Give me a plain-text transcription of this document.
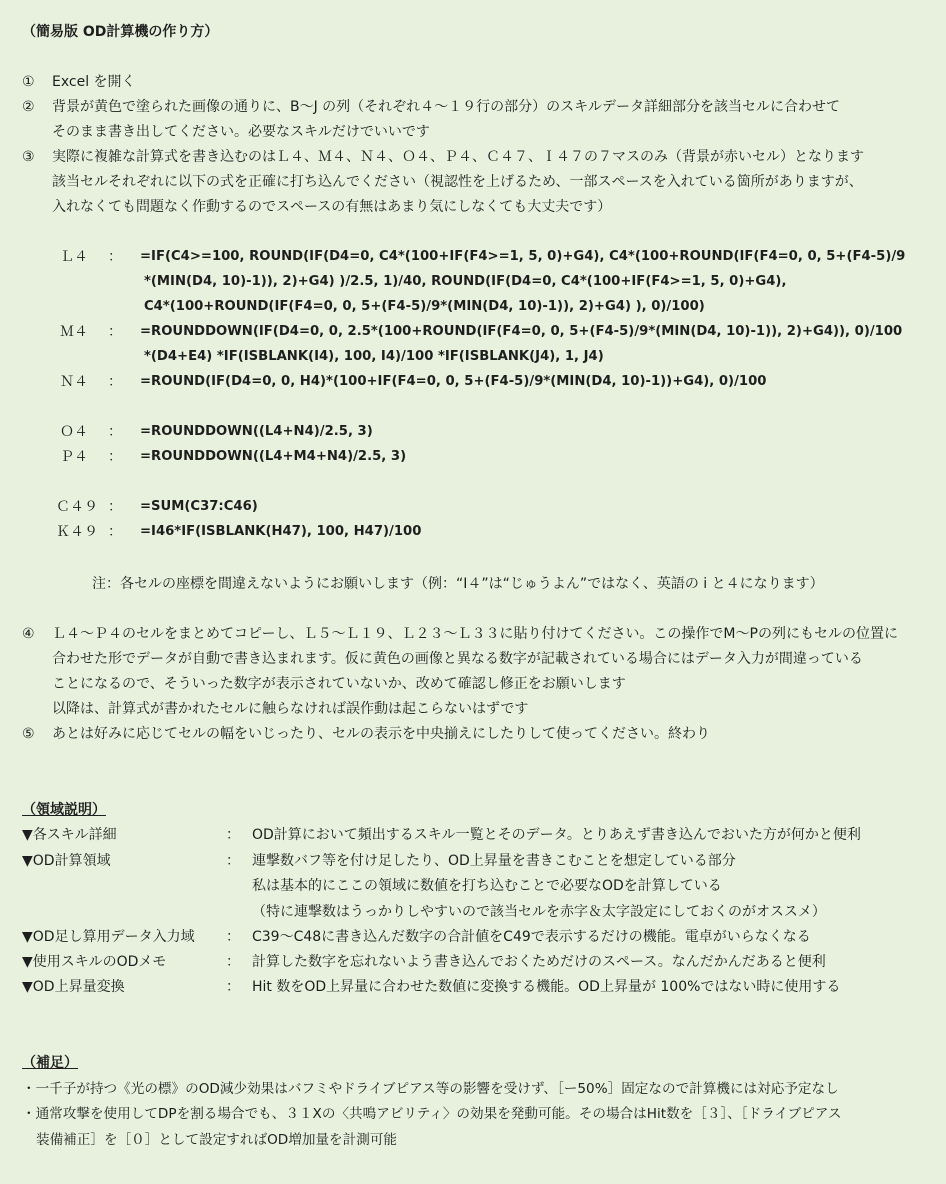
（簡易版 OD計算機の作り方）
① Excel を開く
② 背景が黄色で塗られた画像の通りに、B～J の列（それぞれ４～１９行の部分）のスキルデータ詳細部分を該当セルに合わせて
そのまま書き出してください。必要なスキルだけでいいです
③ 実際に複雑な計算式を書き込むのはＬ４、Ｍ４、Ｎ４、Ｏ４、Ｐ４、Ｃ４７、Ｉ４７の７マスのみ（背景が赤いセル）となります
該当セルそれぞれに以下の式を正確に打ち込んでください（視認性を上げるため、一部スペースを入れている箇所がありますが、
入れなくても問題なく作動するのでスペースの有無はあまり気にしなくても大丈夫です）
Ｌ４	： =IF(C4>=100, ROUND(IF(D4=0, C4*(100+IF(F4>=1, 5, 0)+G4), C4*(100+ROUND(IF(F4=0, 0, 5+(F4-5)/9
*(MIN(D4, 10)-1)), 2)+G4) )/2.5, 1)/40, ROUND(IF(D4=0, C4*(100+IF(F4>=1, 5, 0)+G4),
C4*(100+ROUND(IF(F4=0, 0, 5+(F4-5)/9*(MIN(D4, 10)-1)), 2)+G4) ), 0)/100)
Ｍ４	： =ROUNDDOWN(IF(D4=0, 0, 2.5*(100+ROUND(IF(F4=0, 0, 5+(F4-5)/9*(MIN(D4, 10)-1)), 2)+G4)), 0)/100
*(D4+E4) *IF(ISBLANK(I4), 100, I4)/100 *IF(ISBLANK(J4), 1, J4)
Ｎ４	： =ROUND(IF(D4=0, 0, H4)*(100+IF(F4=0, 0, 5+(F4-5)/9*(MIN(D4, 10)-1))+G4), 0)/100
Ｏ４	： =ROUNDDOWN((L4+N4)/2.5, 3)
Ｐ４	： =ROUNDDOWN((L4+M4+N4)/2.5, 3)
Ｃ４９ ： =SUM(C37:C46)
Ｋ４９ ： =I46*IF(ISBLANK(H47), 100, H47)/100
注：各セルの座標を間違えないようにお願いします（例：“I４”は“じゅうよん”ではなく、英語の i と４になります）
④ Ｌ４～Ｐ４のセルをまとめてコピーし、Ｌ５～Ｌ１９、Ｌ２３～Ｌ３３に貼り付けてください。この操作でM～Pの列にもセルの位置に
合わせた形でデータが自動で書き込まれます。仮に黄色の画像と異なる数字が記載されている場合にはデータ入力が間違っている
ことになるので、そういった数字が表示されていないか、改めて確認し修正をお願いします
以降は、計算式が書かれたセルに触らなければ誤作動は起こらないはずです
⑤ あとは好みに応じてセルの幅をいじったり、セルの表示を中央揃えにしたりして使ってください。終わり
（領域説明）
▼各スキル詳細	： OD計算において頻出するスキル一覧とそのデータ。とりあえず書き込んでおいた方が何かと便利
▼OD計算領域	： 連撃数バフ等を付け足したり、OD上昇量を書きこむことを想定している部分
私は基本的にここの領域に数値を打ち込むことで必要なODを計算している
（特に連撃数はうっかりしやすいので該当セルを赤字＆太字設定にしておくのがオススメ）
▼OD足し算用データ入力域 ： C39～C48に書き込んだ数字の合計値をC49で表示するだけの機能。電卓がいらなくなる
▼使用スキルのODメモ	： 計算した数字を忘れないよう書き込んでおくためだけのスペース。なんだかんだあると便利
▼OD上昇量変換	： Hit 数をOD上昇量に合わせた数値に変換する機能。OD上昇量が 100%ではない時に使用する
（補足）
・一千子が持つ《光の標》のOD減少効果はバフミやドライブピアス等の影響を受けず、［ー50%］固定なので計算機には対応予定なし
・通常攻撃を使用してDPを割る場合でも、３１Xの〈共鳴アビリティ〉の効果を発動可能。その場合はHit数を［３］、［ドライブピアス
装備補正］を［０］として設定すればOD増加量を計測可能
